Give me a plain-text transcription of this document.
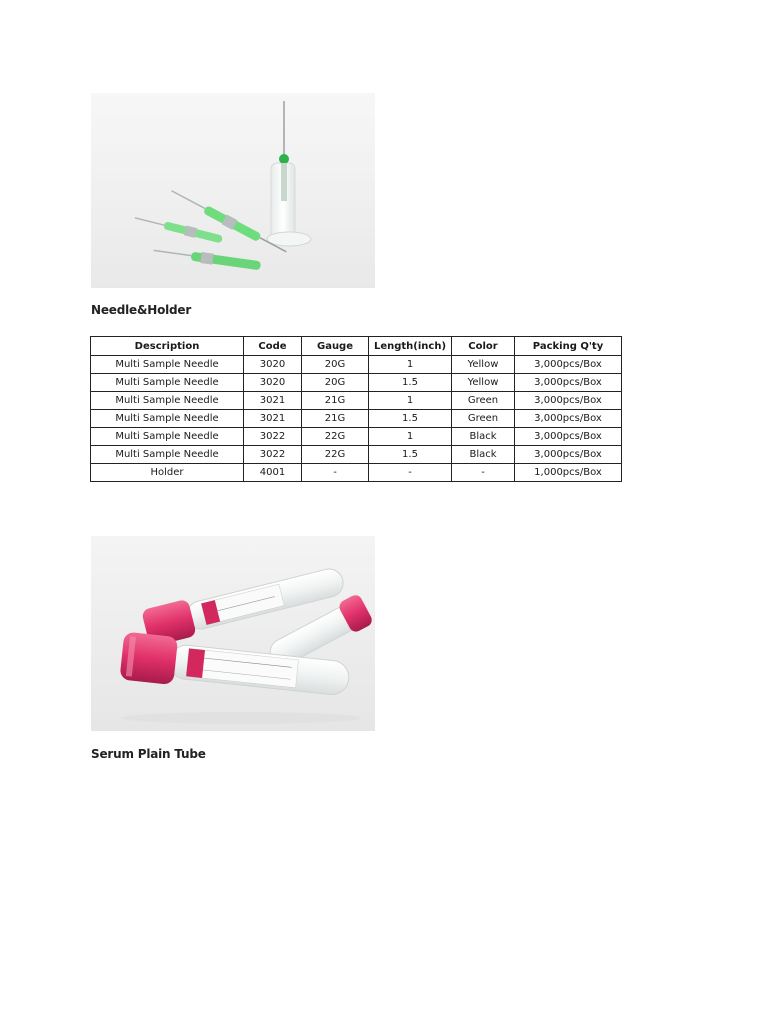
Needle&Holder

Description	Code	Gauge	Length(inch)	Color	Packing Q'ty
Multi Sample Needle	3020	20G	1	Yellow	3,000pcs/Box
Multi Sample Needle	3020	20G	1.5	Yellow	3,000pcs/Box
Multi Sample Needle	3021	21G	1	Green	3,000pcs/Box
Multi Sample Needle	3021	21G	1.5	Green	3,000pcs/Box
Multi Sample Needle	3022	22G	1	Black	3,000pcs/Box
Multi Sample Needle	3022	22G	1.5	Black	3,000pcs/Box
Holder	4001	-	-	-	1,000pcs/Box

Serum Plain Tube
